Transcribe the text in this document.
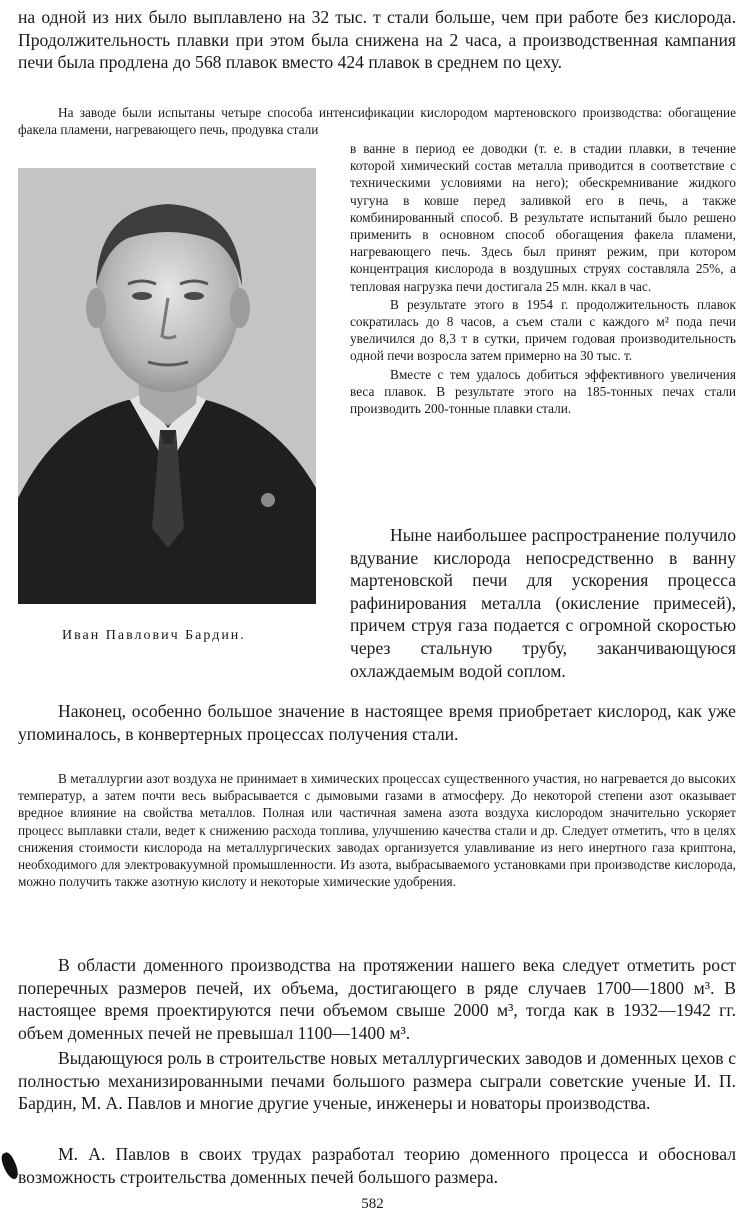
на одной из них было выплавлено на 32 тыс. т стали больше, чем при работе без кислорода. Продолжительность плавки при этом была снижена на 2 часа, а производственная кампания печи была продлена до 568 плавок вместо 424 плавок в среднем по цеху.

На заводе были испытаны четыре способа интенсификации кислородом мартеновского производства: обогащение факела пламени, нагревающего печь, продувка стали

Иван Павлович Бардин.

в ванне в период ее доводки (т. е. в стадии плавки, в течение которой химический состав металла приводится в соответствие с техническими условиями на него); обескремнивание жидкого чугуна в ковше перед заливкой его в печь, а также комбинированный способ. В результате испытаний было решено применить в основном способ обогащения факела пламени, нагревающего печь. Здесь был принят режим, при котором концентрация кислорода в воздушных струях составляла 25%, а тепловая нагрузка печи достигала 25 млн. ккал в час.

В результате этого в 1954 г. продолжительность плавок сократилась до 8 часов, а съем стали с каждого м² пода печи увеличился до 8,3 т в сутки, причем годовая производительность одной печи возросла затем примерно на 30 тыс. т.

Вместе с тем удалось добиться эффективного увеличения веса плавок. В результате этого на 185-тонных печах стали производить 200-тонные плавки стали.

Ныне наибольшее распространение получило вдувание кислорода непосредственно в ванну мартеновской печи для ускорения процесса рафинирования металла (окисление примесей), причем струя газа подается с огромной скоростью через стальную трубу, заканчивающуюся охлаждаемым водой соплом.

Наконец, особенно большое значение в настоящее время приобретает кислород, как уже упоминалось, в конвертерных процессах получения стали.

В металлургии азот воздуха не принимает в химических процессах существенного участия, но нагревается до высоких температур, а затем почти весь выбрасывается с дымовыми газами в атмосферу. До некоторой степени азот оказывает вредное влияние на свойства металлов. Полная или частичная замена азота воздуха кислородом значительно ускоряет процесс выплавки стали, ведет к снижению расхода топлива, улучшению качества стали и др. Следует отметить, что в целях снижения стоимости кислорода на металлургических заводах организуется улавливание из него инертного газа криптона, необходимого для электровакуумной промышленности. Из азота, выбрасываемого установками при производстве кислорода, можно получить также азотную кислоту и некоторые химические удобрения.

В области доменного производства на протяжении нашего века следует отметить рост поперечных размеров печей, их объема, достигающего в ряде случаев 1700—1800 м³. В настоящее время проектируются печи объемом свыше 2000 м³, тогда как в 1932—1942 гг. объем доменных печей не превышал 1100—1400 м³.

Выдающуюся роль в строительстве новых металлургических заводов и доменных цехов с полностью механизированными печами большого размера сыграли советские ученые И. П. Бардин, М. А. Павлов и многие другие ученые, инженеры и новаторы производства.

М. А. Павлов в своих трудах разработал теорию доменного процесса и обосновал возможность строительства доменных печей большого размера.

582
